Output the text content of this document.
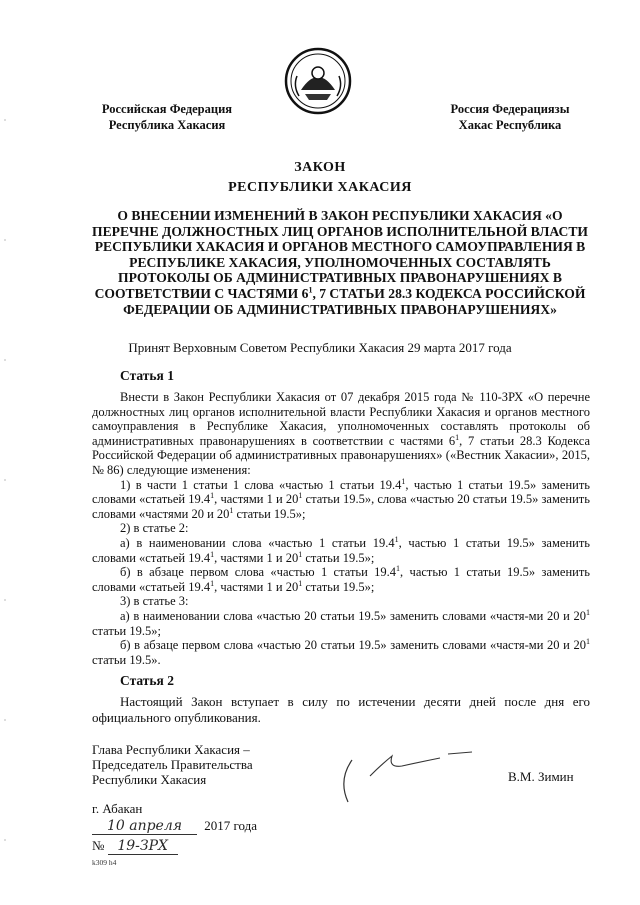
Российская Федерация
Республика Хакасия
Россия Федерациязы
Хакас Республика
ЗАКОН
РЕСПУБЛИКИ ХАКАСИЯ
О ВНЕСЕНИИ ИЗМЕНЕНИЙ В ЗАКОН РЕСПУБЛИКИ ХАКАСИЯ «О ПЕРЕЧНЕ ДОЛЖНОСТНЫХ ЛИЦ ОРГАНОВ ИСПОЛНИТЕЛЬНОЙ ВЛАСТИ РЕСПУБЛИКИ ХАКАСИЯ И ОРГАНОВ МЕСТНОГО САМОУПРАВЛЕНИЯ В РЕСПУБЛИКЕ ХАКАСИЯ, УПОЛНОМОЧЕННЫХ СОСТАВЛЯТЬ ПРОТОКОЛЫ ОБ АДМИНИСТРАТИВНЫХ ПРАВОНАРУШЕНИЯХ В СООТВЕТСТВИИ С ЧАСТЯМИ $6^1$, 7 СТАТЬИ 28.3 КОДЕКСА РОССИЙСКОЙ ФЕДЕРАЦИИ ОБ АДМИНИСТРАТИВНЫХ ПРАВОНАРУШЕНИЯХ»
Принят Верховным Советом Республики Хакасия 29 марта 2017 года
Статья 1

Внести в Закон Республики Хакасия от 07 декабря 2015 года № 110-ЗРХ «О перечне должностных лиц органов исполнительной власти Республики Хакасия и органов местного самоуправления в Республике Хакасия, уполномоченных составлять протоколы об административных правонарушениях в соответствии с частями $6^1$, 7 статьи 28.3 Кодекса Российской Федерации об административных правонарушениях» («Вестник Хакасии», 2015, № 86) следующие изменения:

1) в части 1 статьи 1 слова «частью 1 статьи 19.4$^1$, частью 1 статьи 19.5» заменить словами «статьей 19.4$^1$, частями 1 и $20^1$ статьи 19.5», слова «частью 20 статьи 19.5» заменить словами «частями 20 и $20^1$ статьи 19.5»;

2) в статье 2:

а) в наименовании слова «частью 1 статьи 19.4$^1$, частью 1 статьи 19.5» заменить словами «статьей 19.4$^1$, частями 1 и $20^1$ статьи 19.5»;

б) в абзаце первом слова «частью 1 статьи 19.4$^1$, частью 1 статьи 19.5» заменить словами «статьей 19.4$^1$, частями 1 и $20^1$ статьи 19.5»;

3) в статье 3:

а) в наименовании слова «частью 20 статьи 19.5» заменить словами «частя-ми 20 и $20^1$ статьи 19.5»;

б) в абзаце первом слова «частью 20 статьи 19.5» заменить словами «частя-ми 20 и $20^1$ статьи 19.5».

Статья 2

Настоящий Закон вступает в силу по истечении десяти дней после дня его официального опубликования.

Глава Республики Хакасия –
Председатель Правительства
Республики Хакасия	В.М. Зимин
г. Абакан
10 апреля 2017 года
№ 19-ЗРХ
k309 h4
